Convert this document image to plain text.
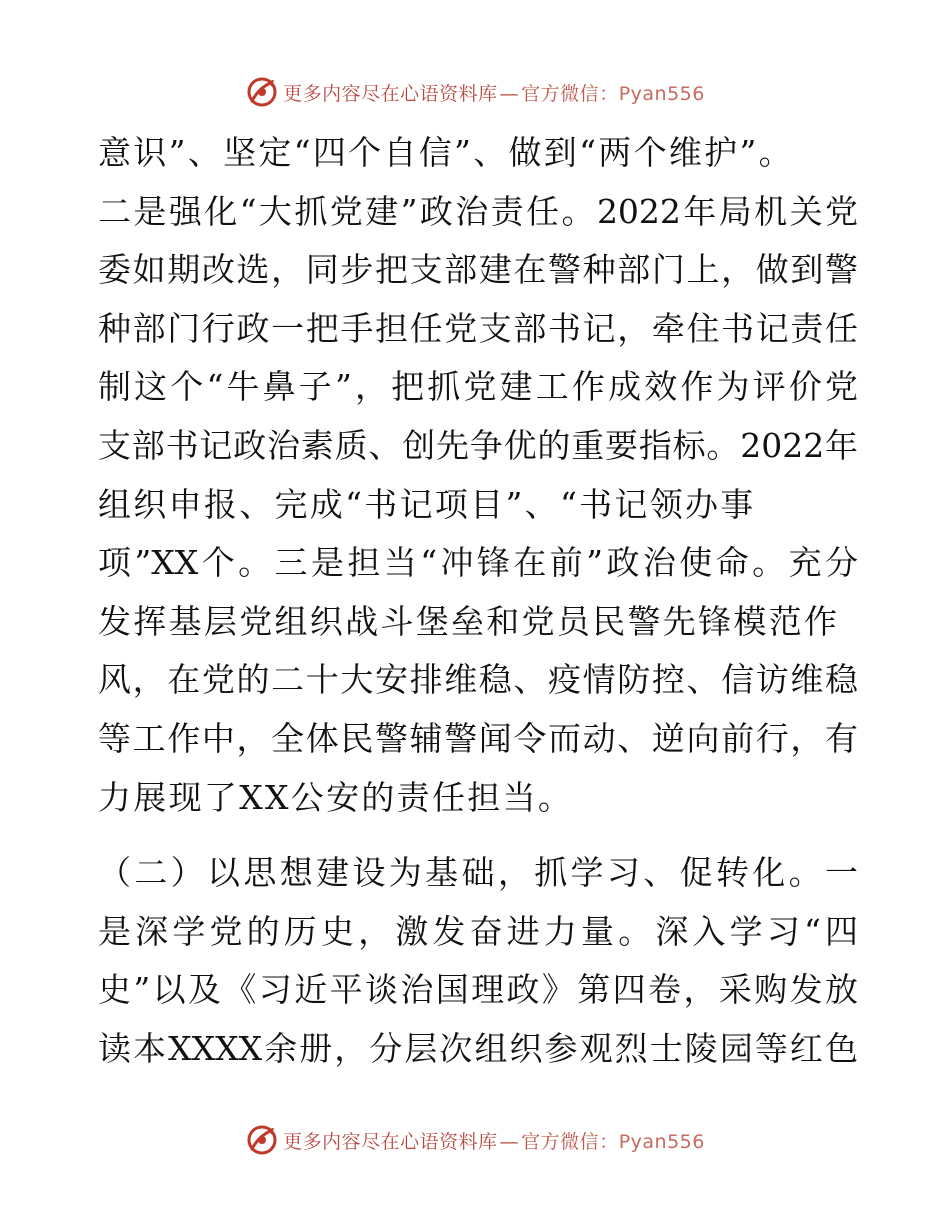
更多内容尽在心语资料库 — 官方微信：Pyan556
意识”、坚定“四个自信”、做到“两个维护”。
二是强化“大抓党建”政治责任。2022年局机关党
委如期改选，同步把支部建在警种部门上，做到警
种部门行政一把手担任党支部书记，牵住书记责任
制这个“牛鼻子”，把抓党建工作成效作为评价党
支部书记政治素质、创先争优的重要指标。2022年
组织申报、完成“书记项目”、“书记领办事
项”XX个。三是担当“冲锋在前”政治使命。充分
发挥基层党组织战斗堡垒和党员民警先锋模范作
风，在党的二十大安排维稳、疫情防控、信访维稳
等工作中，全体民警辅警闻令而动、逆向前行，有
力展现了XX公安的责任担当。
（二）以思想建设为基础，抓学习、促转化。一
是深学党的历史，激发奋进力量。深入学习“四
史”以及《习近平谈治国理政》第四卷，采购发放
读本XXXX余册，分层次组织参观烈士陵园等红色
更多内容尽在心语资料库 — 官方微信：Pyan556
